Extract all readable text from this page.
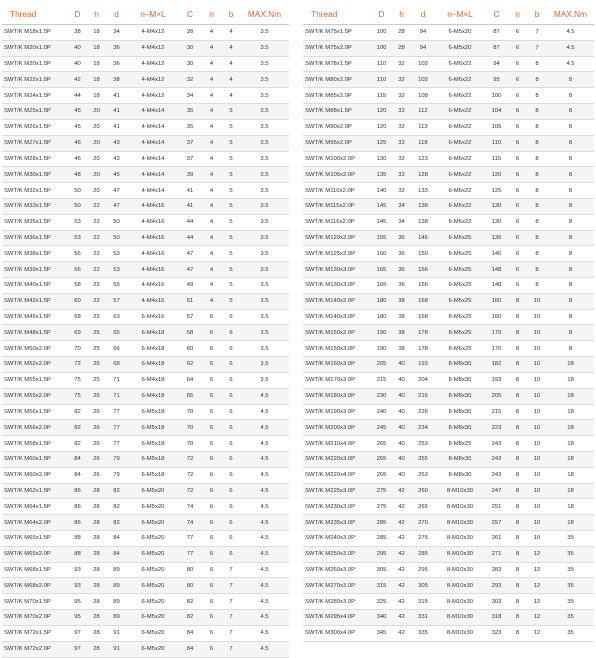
Thread	D	h	d	n–M×L	C	n	b	MAX.Nm
SWT/K M18x1.5P	38	18	34	4-M4x12	28	4	4	3.5
SWT/K M20x1.0P	40	18	36	4-M4x12	30	4	4	3.5
SWT/K M20x1.5P	40	18	36	4-M4x12	30	4	4	3.5
SWT/K M22x1.5P	42	18	38	4-M4x12	32	4	4	3.5
SWT/K M24x1.5P	44	18	41	4-M4x12	34	4	4	3.5
SWT/K M25x1.5P	45	20	41	4-M4x14	35	4	5	3.5
SWT/K M26x1.5P	45	20	41	4-M4x14	35	4	5	3.5
SWT/K M27x1.5P	46	20	43	4-M4x14	37	4	5	3.5
SWT/K M28x1.5P	46	20	43	4-M4x14	37	4	5	3.5
SWT/K M30x1.5P	48	20	45	4-M4x14	39	4	5	3.5
SWT/K M32x1.5P	50	20	47	4-M4x14	41	4	5	3.5
SWT/K M33x1.5P	50	22	47	4-M4x16	41	4	5	3.5
SWT/K M35x1.5P	53	22	50	4-M4x16	44	4	5	3.5
SWT/K M36x1.5P	53	22	50	4-M4x16	44	4	5	3.5
SWT/K M38x1.5P	56	22	53	4-M4x16	47	4	5	3.5
SWT/K M39x1.5P	56	22	53	4-M4x16	47	4	5	3.5
SWT/K M40x1.5P	58	22	55	4-M4x16	49	4	5	3.5
SWT/K M42x1.5P	60	22	57	4-M4x16	51	4	5	3.5
SWT/K M45x1.5P	68	22	63	6-M4x16	57	6	6	3.5
SWT/K M48x1.5P	69	25	65	6-M4x18	58	6	6	3.5
SWT/K M50x2.0P	70	25	66	6-M4x18	60	6	6	3.5
SWT/K M52x2.0P	72	25	68	6-M4x18	62	6	6	3.5
SWT/K M55x1.5P	75	25	71	6-M4x18	64	6	6	3.5
SWT/K M55x2.0P	75	25	71	6-M4x18	65	6	6	4.5
SWT/K M56x1.5P	82	26	77	6-M5x18	70	6	6	4.5
SWT/K M56x2.0P	82	26	77	6-M5x18	70	6	6	4.5
SWT/K M58x1.5P	82	26	77	6-M5x18	70	6	6	4.5
SWT/K M60x1.5P	84	26	79	6-M5x18	72	6	6	4.5
SWT/K M60x2.0P	84	26	79	6-M5x18	72	6	6	4.5
SWT/K M62x1.5P	86	28	82	6-M5x20	72	6	6	4.5
SWT/K M64x1.5P	86	28	82	6-M5x20	74	6	6	4.5
SWT/K M64x2.0P	86	28	82	6-M5x20	74	6	6	4.5
SWT/K M65x1.5P	88	28	84	6-M5x20	77	6	6	4.5
SWT/K M65x2.0P	88	28	84	6-M5x20	77	6	6	4.5
SWT/K M68x1.5P	93	28	89	6-M5x20	80	6	7	4.5
SWT/K M68x2.0P	93	28	89	6-M5x20	80	6	7	4.5
SWT/K M70x1.5P	95	28	89	6-M5x20	82	6	7	4.5
SWT/K M70x2.0P	95	28	89	6-M5x20	82	6	7	4.5
SWT/K M72x1.5P	97	28	91	6-M5x20	84	6	7	4.5
SWT/K M72x2.0P	97	28	91	6-M5x20	84	6	7	4.5
Thread	D	h	d	n–M×L	C	n	b	MAX.Nm
SWT/K M75x1.5P	100	28	94	6-M5x20	87	6	7	4.5
SWT/K M75x2.0P	100	28	94	6-M5x20	87	6	7	4.5
SWT/K M78x1.5P	110	32	102	6-M6x22	94	6	8	4.5
SWT/K M80x2.0P	110	32	102	6-M6x22	95	6	8	8
SWT/K M85x2.0P	115	32	108	6-M6x22	100	6	8	8
SWT/K M88x1.5P	120	32	112	6-M6x22	104	6	8	8
SWT/K M90x2.0P	120	32	113	6-M6x22	105	6	8	8
SWT/K M95x2.0P	125	32	118	6-M6x22	110	6	8	8
SWT/K M100x2.0P	130	32	123	6-M6x22	115	6	8	8
SWT/K M105x2.0P	135	32	128	6-M6x22	120	6	8	8
SWT/K M110x2.0P	140	32	133	6-M6x22	125	6	8	8
SWT/K M115x2.0P	145	34	138	6-M6x22	130	6	8	8
SWT/K M116x2.0P	145	34	138	6-M6x22	130	6	8	8
SWT/K M120x2.0P	155	36	146	6-M6x25	136	6	8	8
SWT/K M125x2.0P	160	36	150	6-M6x25	140	6	8	8
SWT/K M130x3.0P	165	36	156	6-M6x25	148	6	8	8
SWT/K M130x3.0P	165	36	156	6-M6x25	148	6	8	8
SWT/K M140x2.0P	180	38	168	6-M6x25	160	8	10	8
SWT/K M140x3.0P	180	38	168	8-M6x25	160	8	10	8
SWT/K M150x2.0P	190	38	178	8-M6x25	170	8	10	8
SWT/K M150x3.0P	190	38	178	8-M6x25	170	8	10	8
SWT/K M160x3.0P	205	40	193	8-M8x30	182	8	10	18
SWT/K M170x3.0P	215	40	204	8-M8x30	193	8	10	18
SWT/K M180x3.0P	230	40	216	8-M8x30	205	8	10	18
SWT/K M190x3.0P	240	40	226	8-M8x30	215	8	10	18
SWT/K M200x3.0P	245	40	234	8-M8x30	223	8	10	18
SWT/K M210x4.0P	265	40	253	8-M8x25	243	8	10	18
SWT/K M220x3.0P	265	40	255	8-M8x30	243	8	10	18
SWT/K M220x4.0P	265	40	253	8-M8x30	243	8	10	18
SWT/K M225x3.0P	275	42	260	8-M10x30	247	8	10	18
SWT/K M230x3.0P	275	42	265	8-M10x30	251	8	10	18
SWT/K M235x3.0P	285	42	270	8-M10x30	257	8	10	18
SWT/K M240x3.0P	285	42	275	8-M10x30	261	8	10	35
SWT/K M250x3.0P	295	42	285	8-M10x30	271	8	12	35
SWT/K M260x3.0P	305	42	295	8-M10x30	283	8	12	35
SWT/K M270x3.0P	315	42	305	8-M10x30	293	8	12	35
SWT/K M280x3.0P	325	42	315	8-M10x30	303	8	12	35
SWT/K M295x4.0P	340	42	331	8-M10x30	318	8	12	35
SWT/K M300x4.0P	345	42	335	8-M10x30	323	8	12	35
